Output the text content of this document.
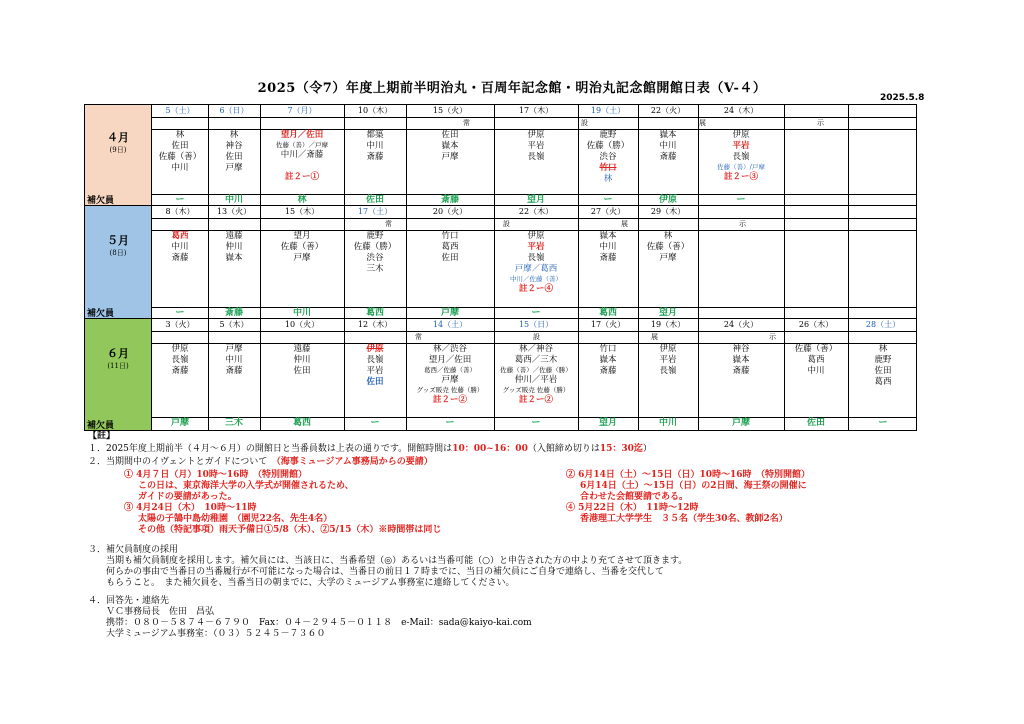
2025（令7）年度上期前半明治丸・百周年記念館・明治丸記念館開館日表（V-４）
2025.5.8
４月
(9日)
補欠員
常　設　展　示
5（土）
林
佐田
佐藤（善）
中川
ー
6（日）
林
神谷
佐田
戸摩
中川
7（月）
望月／佐田
佐藤（善）／戸摩
中川／斎藤
註２ー①
林
10（木）
都築
中川
斎藤
佐田
15（火）
佐田
嶽本
戸摩
斎藤
17（木）
伊原
平岩
長嶺
望月
19（土）
鹿野
佐藤（勝）
渋谷
竹口
林
ー
22（火）
嶽本
中川
斎藤
伊原
24（木）
伊原
平岩
長嶺
佐藤（善）/戸摩
註２ー③
ー
５月
(8日)
補欠員
常　設　展　示
8（木）
葛西
中川
斎藤
ー
13（火）
遠藤
仲川
嶽本
斎藤
15（木）
望月
佐藤（善）
戸摩
中川
17（土）
鹿野
佐藤（勝）
渋谷
三木
葛西
20（火）
竹口
葛西
佐田
戸摩
22（木）
伊原
平岩
長嶺
戸摩／葛西
中川／佐藤（善）
註２ー④
ー
27（火）
嶽本
中川
斎藤
葛西
29（木）
林
佐藤（善）
戸摩
望月
６月
(11日)
補欠員
常　設　展　示
3（火）
伊原
長嶺
斎藤
戸摩
5（木）
戸摩
中川
斎藤
三木
10（火）
遠藤
仲川
佐田
葛西
12（木）
伊原
長嶺
平岩
佐田
ー
14（土）
林／渋谷
望月／佐田
葛西／佐藤（善）
戸摩
グッズ販売 佐藤（勝）
註２ー②
ー
15（日）
林／神谷
葛西／三木
佐藤（善）／佐藤（勝）
仲川／平岩
グッズ販売 佐藤（勝）
註２ー②
ー
17（火）
竹口
嶽本
斎藤
望月
19（木）
伊原
平岩
長嶺
中川
24（火）
神谷
嶽本
斎藤
戸摩
26（木）
佐藤（善）
葛西
中川
佐田
28（土）
林
鹿野
佐田
葛西
ー
【註】
１．2025年度上期前半（４月～６月）の開館日と当番員数は上表の通りです。開館時間は10：00~16：00（入館締め切りは15：30迄）
２．当期間中のイヴェントとガイドについて　 （海事ミュージアム事務局からの要請）
① 4月７日（月）10時～16時　（特別開館）
この日は、東京海洋大学の入学式が開催されるため、
ガイドの要請があった。
③ 4月24日（木）　10時～11時
太陽の子鵠中島幼稚園　（園児22名、先生4名）
その他（特記事項）雨天予備日①5/8（木）、②5/15（木）※時間帯は同じ
② 6月14日（土）～15日（日）10時～16時　（特別開館）
6月14日（土）～15日（日）の2日間、海王祭の開催に
合わせた会館要請である。
④ 5月22日（木）　11時～12時
香港理工大学学生　３５名（学生30名、教師2名）
３．補欠員制度の採用
当期も補欠員制度を採用します。補欠員には、当該日に、当番希望（◎）あるいは当番可能（○）と申告された方の中より充てさせて頂きます。
何らかの事由で当番日の当番履行が不可能になった場合は、当番日の前日１７時までに、当日の補欠員にご自身で連絡し、当番を交代して
もらうこと。　また補欠員を、当番当日の朝までに、大学のミュージアム事務室に連絡してください。
４．回答先・連絡先
ＶＣ事務局長　佐田　昌弘
携帯：０８０－５８７４－６７９０　Fax：０４－２９４５－０１１８　e-Mail：sada@kaiyo-kai.com
大学ミュージアム事務室：（０３）５２４５－７３６０
